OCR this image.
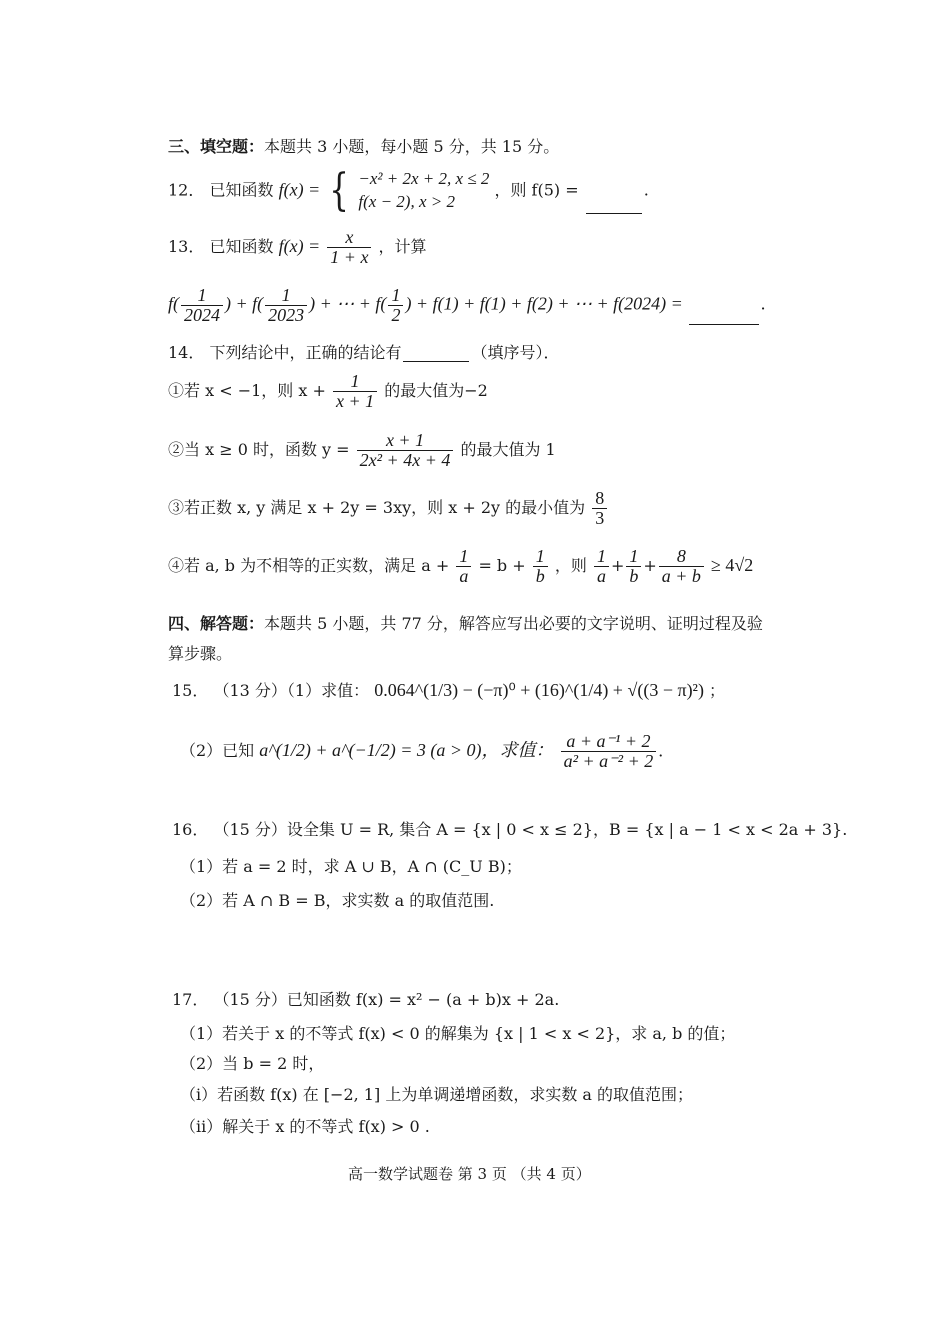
三、填空题：本题共 3 小题，每小题 5 分，共 15 分。
12． 已知函数 f(x) = { −x² + 2x + 2, x ≤ 2
f(x − 2), x > 2
，则 f(5) =	.
13． 已知函数 $f(x) = \frac{x}{1 + x}$ ，计算
$f( \frac{1}{2024}$ ) + $f( \frac{1}{2023}$ ) + ⋯ + $f( \frac{1}{2}$ ) + f(1) + f(1) + f(2) + ⋯ + f(2024) =	.
14． 下列结论中，正确的结论有	（填序号）．
①若 x < −1，则 $x + \frac{1}{x + 1}$ 的最大值为−2
②当 x ≥ 0 时，函数 $y = \frac{x + 1}{\text{2x² + 4x + 4}}$ 的最大值为 1
③若正数 x, y 满足 x + 2y = 3xy，则 x + 2y 的最小值为 $\frac{8}{3}$
④若 a, b 为不相等的正实数，满足 $a + \frac{1}{a} = b + \frac{1}{b}$ ，则 $\frac{1}{a} + \frac{1}{b} + \frac{8}{a + b} \ge 4√2$
四、解答题：本题共 5 小题，共 77 分，解答应写出必要的文字说明、证明过程及验
算步骤。
15． （13 分）（1）求值： 0.064^(1/3) − (−π)⁰ + (16)^(1/4) + √((3 − π)²) ；
（2）已知 a^(1/2) + a^(−1/2) = 3 (a > 0)，求值： $\frac{\text{a + a⁻¹ + 2}}{\text{a² + a⁻² + 2}}$ ．
16． （15 分）设全集 U = R, 集合 A = {x | 0 < x ≤ 2}，B = {x | a − 1 < x < 2a + 3}.
（1）若 a = 2 时，求 A ∪ B，A ∩ (C_U B)；
（2）若 A ∩ B = B，求实数 a 的取值范围.
17． （15 分）已知函数 f(x) = x² − (a + b)x + 2a.
（1）若关于 x 的不等式 f(x) < 0 的解集为 {x | 1 < x < 2}，求 a, b 的值；
（2）当 b = 2 时，
（i）若函数 f(x) 在 [−2, 1] 上为单调递增函数，求实数 a 的取值范围；
（ii）解关于 x 的不等式 f(x) > 0 .
高一数学试题卷 第 3 页 （共 4 页）
